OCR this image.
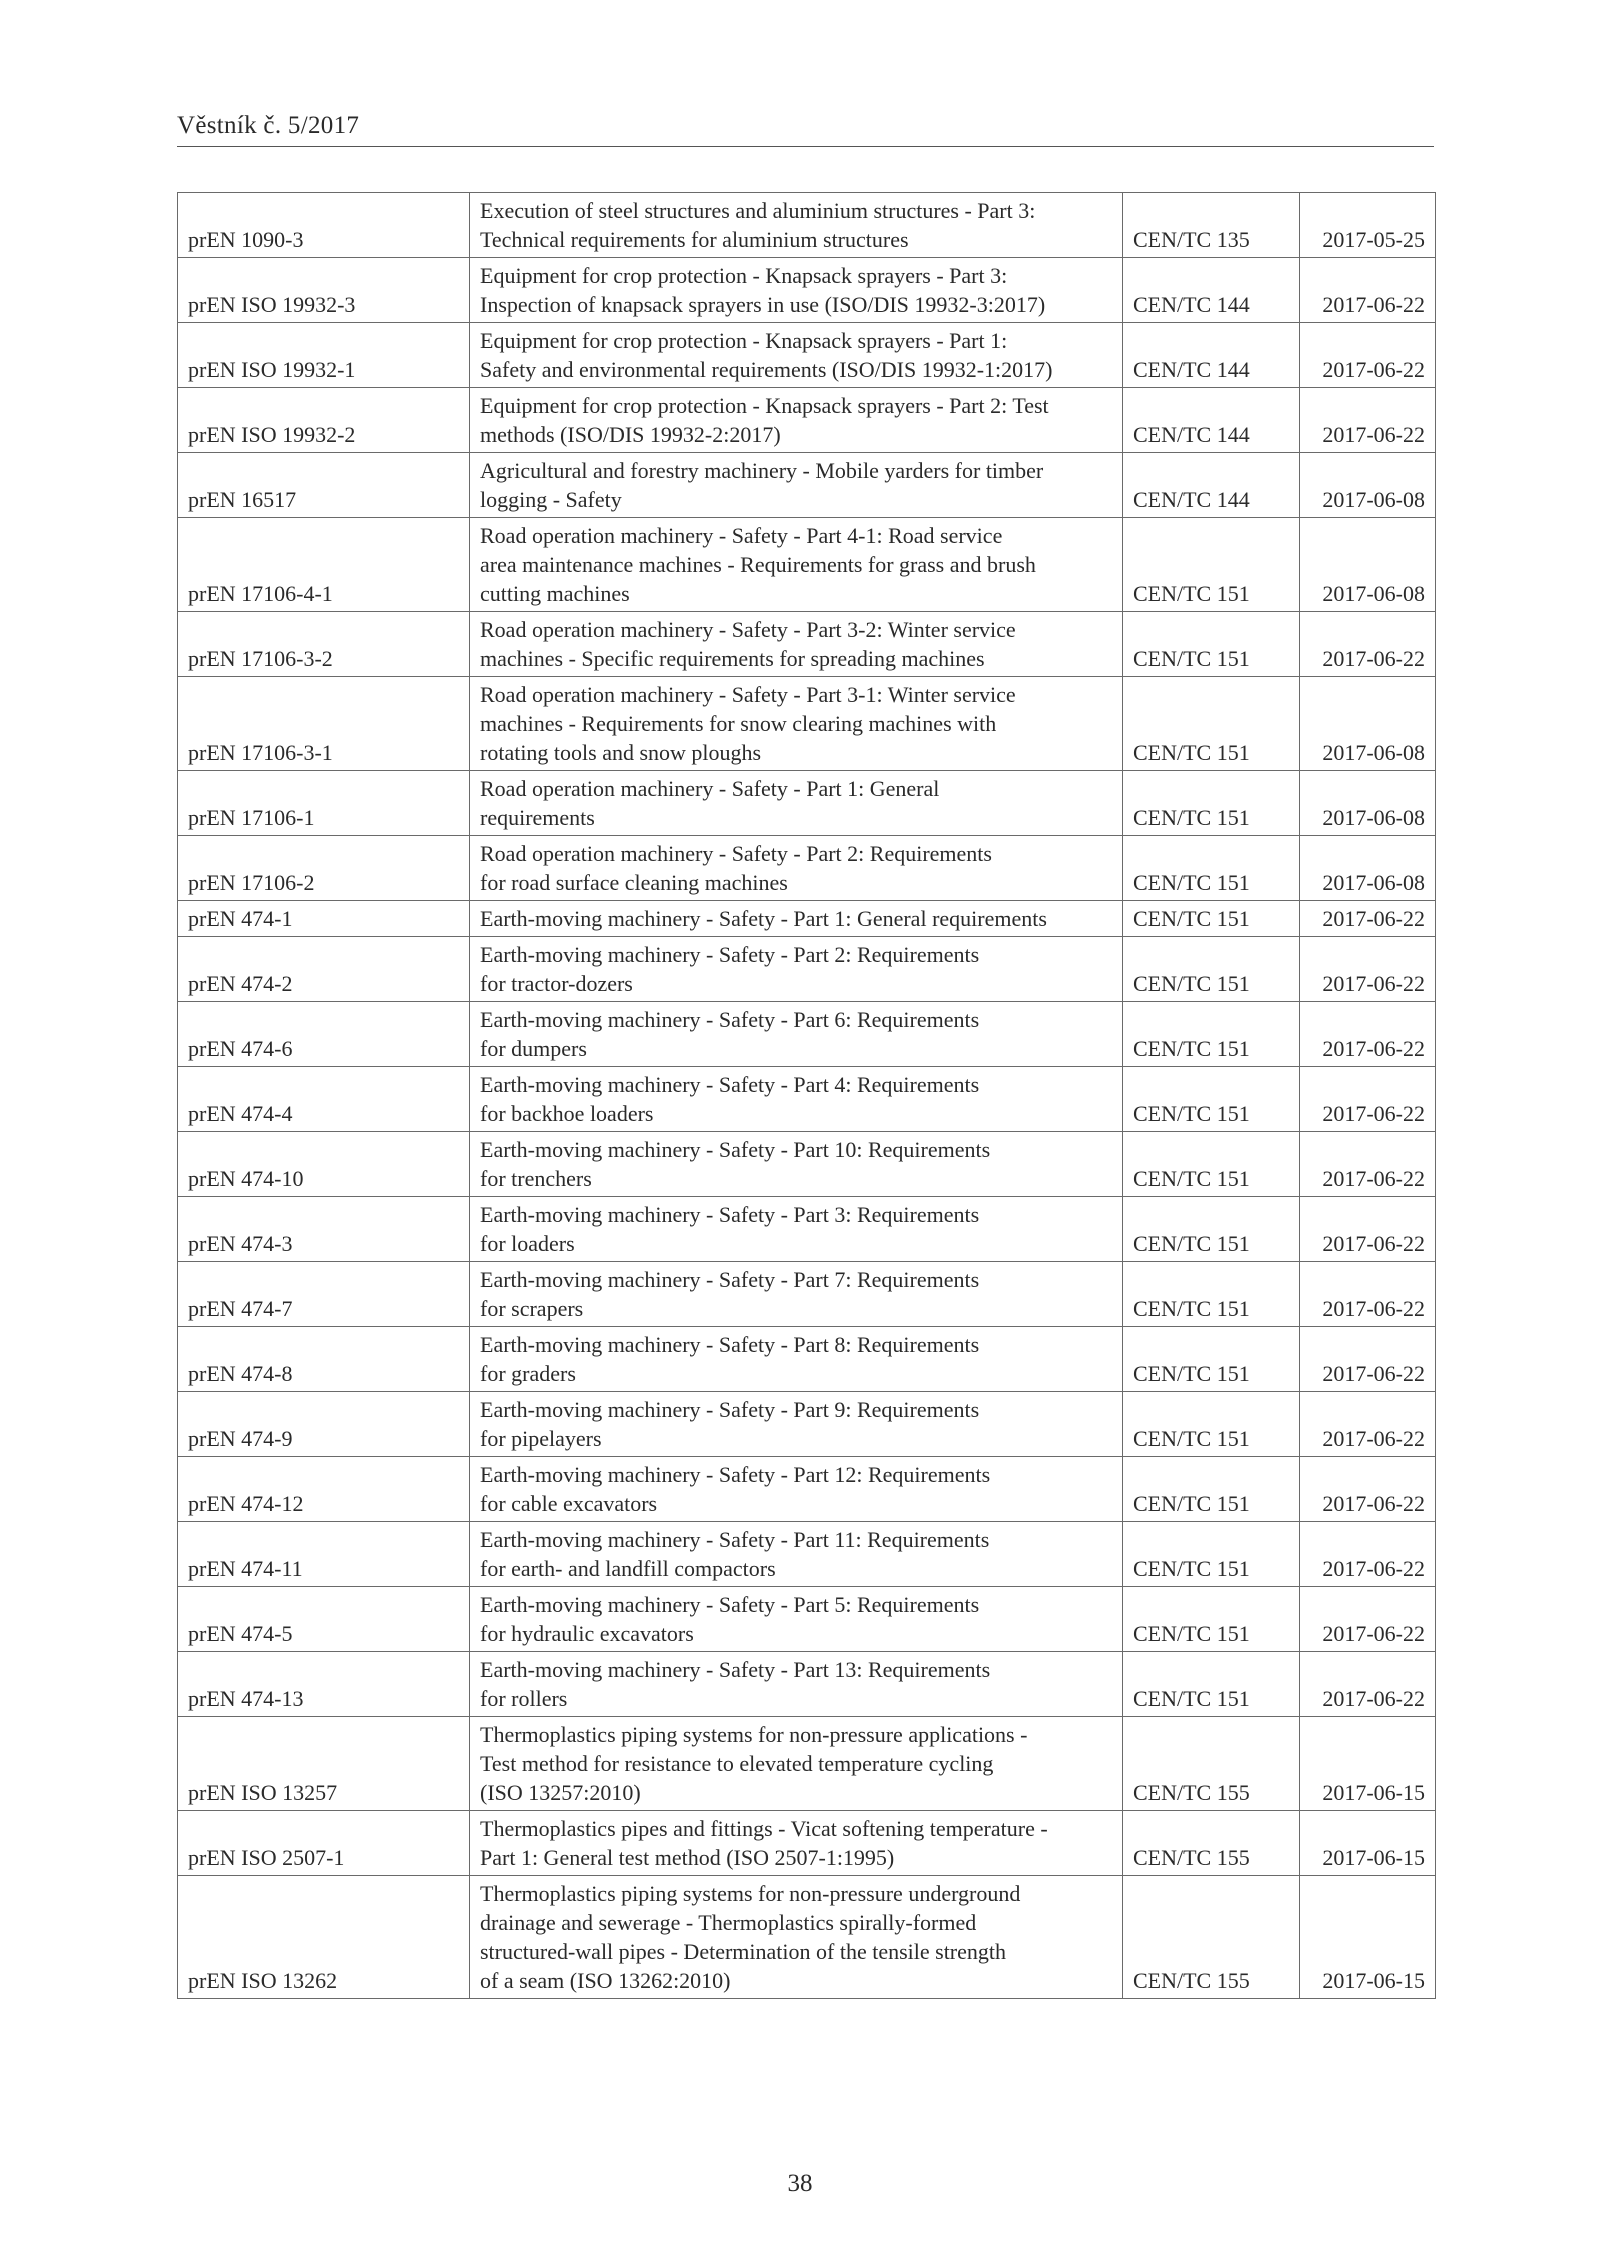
Věstník č. 5/2017
prEN 1090-3	Execution of steel structures and aluminium structures - Part 3:
Technical requirements for aluminium structures	CEN/TC 135	2017-05-25
prEN ISO 19932-3	Equipment for crop protection - Knapsack sprayers - Part 3:
Inspection of knapsack sprayers in use (ISO/DIS 19932-3:2017)	CEN/TC 144	2017-06-22
prEN ISO 19932-1	Equipment for crop protection - Knapsack sprayers - Part 1:
Safety and environmental requirements (ISO/DIS 19932-1:2017)	CEN/TC 144	2017-06-22
prEN ISO 19932-2	Equipment for crop protection - Knapsack sprayers - Part 2: Test
methods (ISO/DIS 19932-2:2017)	CEN/TC 144	2017-06-22
prEN 16517	Agricultural and forestry machinery - Mobile yarders for timber
logging - Safety	CEN/TC 144	2017-06-08
prEN 17106-4-1	Road operation machinery - Safety - Part 4-1: Road service
area maintenance machines - Requirements for grass and brush
cutting machines	CEN/TC 151	2017-06-08
prEN 17106-3-2	Road operation machinery - Safety - Part 3-2: Winter service
machines - Specific requirements for spreading machines	CEN/TC 151	2017-06-22
prEN 17106-3-1	Road operation machinery - Safety - Part 3-1: Winter service
machines - Requirements for snow clearing machines with
rotating tools and snow ploughs	CEN/TC 151	2017-06-08
prEN 17106-1	Road operation machinery - Safety - Part 1: General
requirements	CEN/TC 151	2017-06-08
prEN 17106-2	Road operation machinery - Safety - Part 2: Requirements
for road surface cleaning machines	CEN/TC 151	2017-06-08
prEN 474-1	Earth-moving machinery - Safety - Part 1: General requirements	CEN/TC 151	2017-06-22
prEN 474-2	Earth-moving machinery - Safety - Part 2: Requirements
for tractor-dozers	CEN/TC 151	2017-06-22
prEN 474-6	Earth-moving machinery - Safety - Part 6: Requirements
for dumpers	CEN/TC 151	2017-06-22
prEN 474-4	Earth-moving machinery - Safety - Part 4: Requirements
for backhoe loaders	CEN/TC 151	2017-06-22
prEN 474-10	Earth-moving machinery - Safety - Part 10: Requirements
for trenchers	CEN/TC 151	2017-06-22
prEN 474-3	Earth-moving machinery - Safety - Part 3: Requirements
for loaders	CEN/TC 151	2017-06-22
prEN 474-7	Earth-moving machinery - Safety - Part 7: Requirements
for scrapers	CEN/TC 151	2017-06-22
prEN 474-8	Earth-moving machinery - Safety - Part 8: Requirements
for graders	CEN/TC 151	2017-06-22
prEN 474-9	Earth-moving machinery - Safety - Part 9: Requirements
for pipelayers	CEN/TC 151	2017-06-22
prEN 474-12	Earth-moving machinery - Safety - Part 12: Requirements
for cable excavators	CEN/TC 151	2017-06-22
prEN 474-11	Earth-moving machinery - Safety - Part 11: Requirements
for earth- and landfill compactors	CEN/TC 151	2017-06-22
prEN 474-5	Earth-moving machinery - Safety - Part 5: Requirements
for hydraulic excavators	CEN/TC 151	2017-06-22
prEN 474-13	Earth-moving machinery - Safety - Part 13: Requirements
for rollers	CEN/TC 151	2017-06-22
prEN ISO 13257	Thermoplastics piping systems for non-pressure applications -
Test method for resistance to elevated temperature cycling
(ISO 13257:2010)	CEN/TC 155	2017-06-15
prEN ISO 2507-1	Thermoplastics pipes and fittings - Vicat softening temperature -
Part 1: General test method (ISO 2507-1:1995)	CEN/TC 155	2017-06-15
prEN ISO 13262	Thermoplastics piping systems for non-pressure underground
drainage and sewerage - Thermoplastics spirally-formed
structured-wall pipes - Determination of the tensile strength
of a seam (ISO 13262:2010)	CEN/TC 155	2017-06-15
38
